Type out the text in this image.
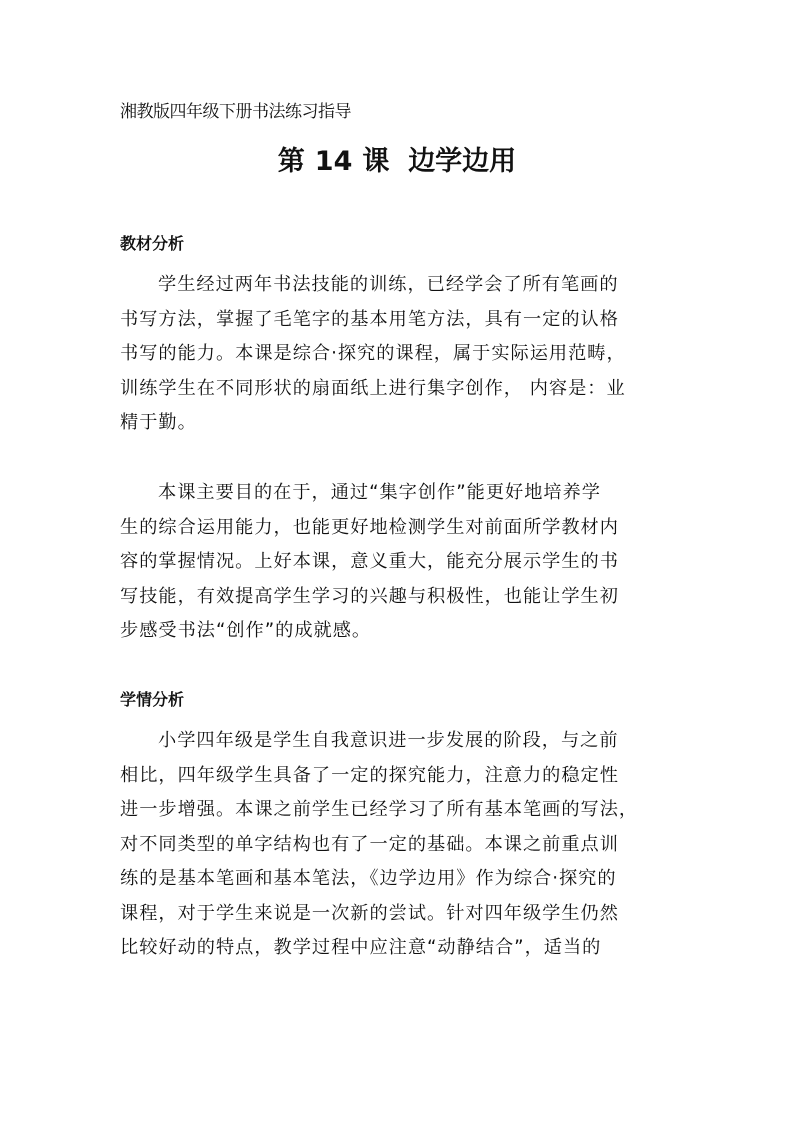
湘教版四年级下册书法练习指导
第 14 课 边学边用
教材分析
学生经过两年书法技能的训练，已经学会了所有笔画的
书写方法，掌握了毛笔字的基本用笔方法，具有一定的认格
书写的能力。本课是综合·探究的课程，属于实际运用范畴，
训练学生在不同形状的扇面纸上进行集字创作， 内容是：业
精于勤。
本课主要目的在于，通过“集字创作”能更好地培养学
生的综合运用能力，也能更好地检测学生对前面所学教材内
容的掌握情况。上好本课，意义重大，能充分展示学生的书
写技能，有效提高学生学习的兴趣与积极性，也能让学生初
步感受书法“创作”的成就感。
学情分析
小学四年级是学生自我意识进一步发展的阶段，与之前
相比，四年级学生具备了一定的探究能力，注意力的稳定性
进一步增强。本课之前学生已经学习了所有基本笔画的写法，
对不同类型的单字结构也有了一定的基础。本课之前重点训
练的是基本笔画和基本笔法，《边学边用》作为综合·探究的
课程，对于学生来说是一次新的尝试。针对四年级学生仍然
比较好动的特点，教学过程中应注意“动静结合”，适当的
